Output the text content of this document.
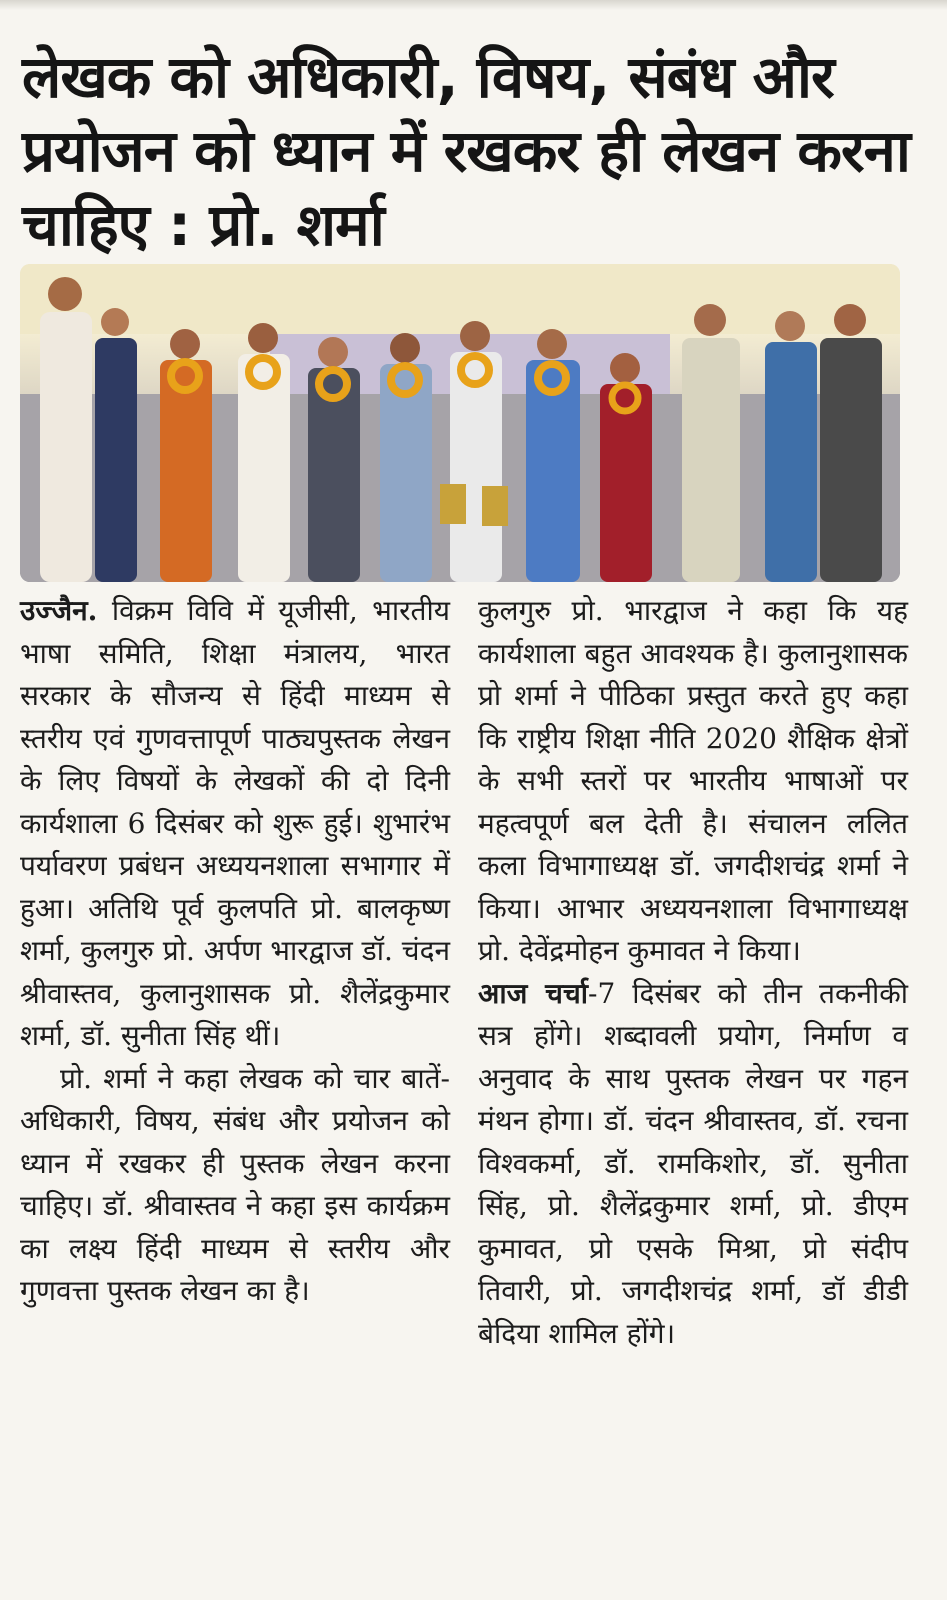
लेखक को अधिकारी, विषय, संबंध और प्रयोजन को ध्यान में रखकर ही लेखन करना चाहिए : प्रो. शर्मा

उज्जैन. विक्रम विवि में यूजीसी, भारतीय भाषा समिति, शिक्षा मंत्रालय, भारत सरकार के सौजन्य से हिंदी माध्यम से स्तरीय एवं गुणवत्तापूर्ण पाठ्यपुस्तक लेखन के लिए विषयों के लेखकों की दो दिनी कार्यशाला 6 दिसंबर को शुरू हुई। शुभारंभ पर्यावरण प्रबंधन अध्ययनशाला सभागार में हुआ। अतिथि पूर्व कुलपति प्रो. बालकृष्ण शर्मा, कुलगुरु प्रो. अर्पण भारद्वाज डॉ. चंदन श्रीवास्तव, कुलानुशासक प्रो. शैलेंद्रकुमार शर्मा, डॉ. सुनीता सिंह थीं।

प्रो. शर्मा ने कहा लेखक को चार बातें-अधिकारी, विषय, संबंध और प्रयोजन को ध्यान में रखकर ही पुस्तक लेखन करना चाहिए। डॉ. श्रीवास्तव ने कहा इस कार्यक्रम का लक्ष्य हिंदी माध्यम से स्तरीय और गुणवत्ता पुस्तक लेखन का है।

कुलगुरु प्रो. भारद्वाज ने कहा कि यह कार्यशाला बहुत आवश्यक है। कुलानुशासक प्रो शर्मा ने पीठिका प्रस्तुत करते हुए कहा कि राष्ट्रीय शिक्षा नीति 2020 शैक्षिक क्षेत्रों के सभी स्तरों पर भारतीय भाषाओं पर महत्वपूर्ण बल देती है। संचालन ललित कला विभागाध्यक्ष डॉ. जगदीशचंद्र शर्मा ने किया। आभार अध्ययनशाला विभागाध्यक्ष प्रो. देवेंद्रमोहन कुमावत ने किया।

आज चर्चा-7 दिसंबर को तीन तकनीकी सत्र होंगे। शब्दावली प्रयोग, निर्माण व अनुवाद के साथ पुस्तक लेखन पर गहन मंथन होगा। डॉ. चंदन श्रीवास्तव, डॉ. रचना विश्वकर्मा, डॉ. रामकिशोर, डॉ. सुनीता सिंह, प्रो. शैलेंद्रकुमार शर्मा, प्रो. डीएम कुमावत, प्रो एसके मिश्रा, प्रो संदीप तिवारी, प्रो. जगदीशचंद्र शर्मा, डॉ डीडी बेदिया शामिल होंगे।
